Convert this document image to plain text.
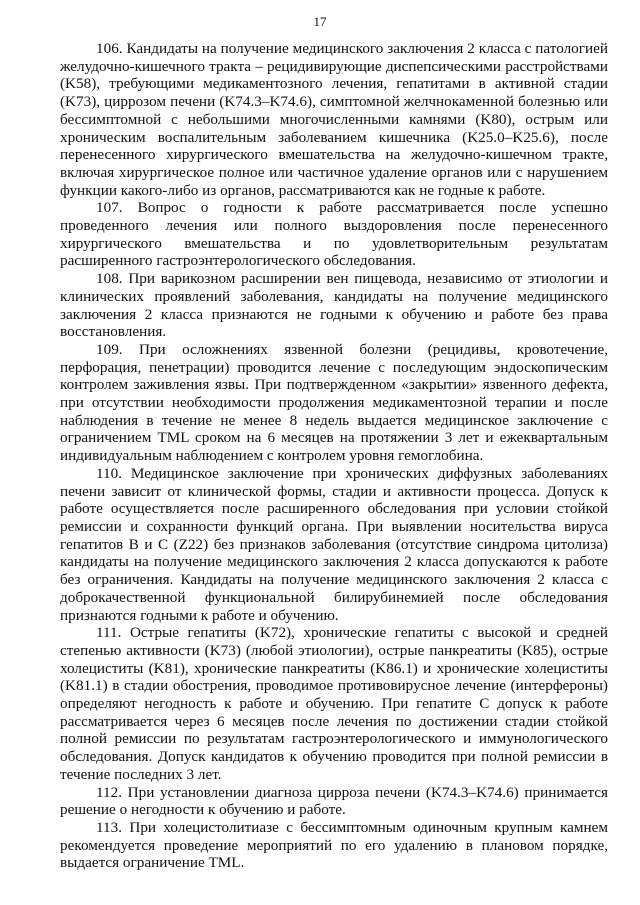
17

106. Кандидаты на получение медицинского заключения 2 класса с патологией желудочно-кишечного тракта – рецидивирующие диспепсическими расстройствами (K58), требующими медикаментозного лечения, гепатитами в активной стадии (K73), циррозом печени (K74.3–K74.6), симптомной желчнокаменной болезнью или бессимптомной с небольшими многочисленными камнями (K80), острым или хроническим воспалительным заболеванием кишечника (K25.0–K25.6), после перенесенного хирургического вмешательства на желудочно-кишечном тракте, включая хирургическое полное или частичное удаление органов или с нарушением функции какого-либо из органов, рассматриваются как не годные к работе.

107. Вопрос о годности к работе рассматривается после успешно проведенного лечения или полного выздоровления после перенесенного хирургического вмешательства и по удовлетворительным результатам расширенного гастроэнтерологического обследования.

108. При варикозном расширении вен пищевода, независимо от этиологии и клинических проявлений заболевания, кандидаты на получение медицинского заключения 2 класса признаются не годными к обучению и работе без права восстановления.

109. При осложнениях язвенной болезни (рецидивы, кровотечение, перфорация, пенетрации) проводится лечение с последующим эндоскопическим контролем заживления язвы. При подтвержденном «закрытии» язвенного дефекта, при отсутствии необходимости продолжения медикаментозной терапии и после наблюдения в течение не менее 8 недель выдается медицинское заключение с ограничением TML сроком на 6 месяцев на протяжении 3 лет и ежеквартальным индивидуальным наблюдением с контролем уровня гемоглобина.

110. Медицинское заключение при хронических диффузных заболеваниях печени зависит от клинической формы, стадии и активности процесса. Допуск к работе осуществляется после расширенного обследования при условии стойкой ремиссии и сохранности функций органа. При выявлении носительства вируса гепатитов B и C (Z22) без признаков заболевания (отсутствие синдрома цитолиза) кандидаты на получение медицинского заключения 2 класса допускаются к работе без ограничения. Кандидаты на получение медицинского заключения 2 класса с доброкачественной функциональной билирубинемией после обследования признаются годными к работе и обучению.

111. Острые гепатиты (K72), хронические гепатиты с высокой и средней степенью активности (K73) (любой этиологии), острые панкреатиты (K85), острые холециститы (K81), хронические панкреатиты (K86.1) и хронические холециститы (K81.1) в стадии обострения, проводимое противовирусное лечение (интерфероны) определяют негодность к работе и обучению. При гепатите C допуск к работе рассматривается через 6 месяцев после лечения по достижении стадии стойкой полной ремиссии по результатам гастроэнтерологического и иммунологического обследования. Допуск кандидатов к обучению проводится при полной ремиссии в течение последних 3 лет.

112. При установлении диагноза цирроза печени (K74.3–K74.6) принимается решение о негодности к обучению и работе.

113. При холецистолитиазе с бессимптомным одиночным крупным камнем рекомендуется проведение мероприятий по его удалению в плановом порядке, выдается ограничение TML.
